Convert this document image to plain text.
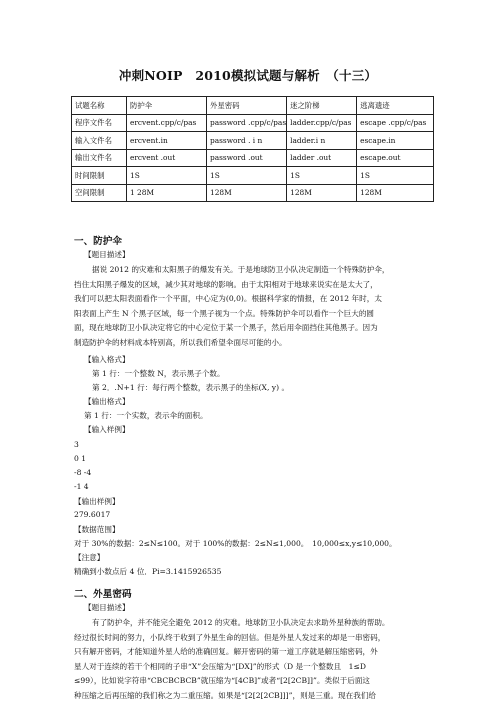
冲刺NOIP　2010模拟试题与解析　（十三）
试题名称	防护伞	外星密码	迷之阶梯	逃离遗迹
程序文件名	ercvent.cpp/c/pas	password .cpp/c/pas	ladder.cpp/c/pas	escape .cpp/c/pas
输入文件名	ercvent.in	password . i n	ladder.i n	escape.in
输出文件名	ercvent .out	password .out	ladder .out	escape.out
时间限制	1S	1S	1S	1S
空间限制	1 28M	128M	128M	128M
一、防护伞
【题目描述】
据说 2012 的灾难和太阳黑子的爆发有关。于是地球防卫小队决定制造一个特殊防护伞，
挡住太阳黑子爆发的区域，减少其对地球的影响。由于太阳相对于地球来说实在是太大了，
我们可以把太阳表面看作一个平面，中心定为(0,0)。根据科学家的情报，在 2012 年时，太
阳表面上产生 N 个黑子区域，每一个黑子视为一个点。特殊防护伞可以看作一个巨大的圆
面，现在地球防卫小队决定将它的中心定位于某一个黑子，然后用伞面挡住其他黑子。因为
制造防护伞的材料成本特别高，所以我们希望伞面尽可能的小。
【输入格式】
第 1 行：一个整数 N，表示黑子个数。
第 2．.N+1 行：每行两个整数，表示黑子的坐标(X, y) 。
【输出格式】
第 1 行：一个实数，表示伞的面积。
【输入样例】
3
0 1
-8 -4
-1 4
【输出样例】
279.6017
【数据范围】
对于 30%的数据：2≤N≤100。对于 100%的数据：2≤N≤1,000。　10,000≤x,y≤10,000。
【注意】
精确到小数点后 4 位．Pi=3.1415926535
二、外星密码
【题目描述】
有了防护伞，并不能完全避免 2012 的灾难。地球防卫小队决定去求助外星种族的帮助。
经过很长时间的努力，小队终于收到了外星生命的回信。但是外星人发过来的却是一串密码，
只有解开密码，才能知道外星人给的准确回复。解开密码的第一道工序就是解压缩密码，外
星人对于连续的若干个相同的子串“X”会压缩为“[DX]”的形式（D 是一个整数且　1≤D
≤99），比如说字符串“CBCBCBCB”就压缩为“[4CB]”或者“[2[2CB]]”。类似于后面这
种压缩之后再压缩的我们称之为二重压缩。如果是“[2[2[2CB]]]”，则是三重。现在我们给
